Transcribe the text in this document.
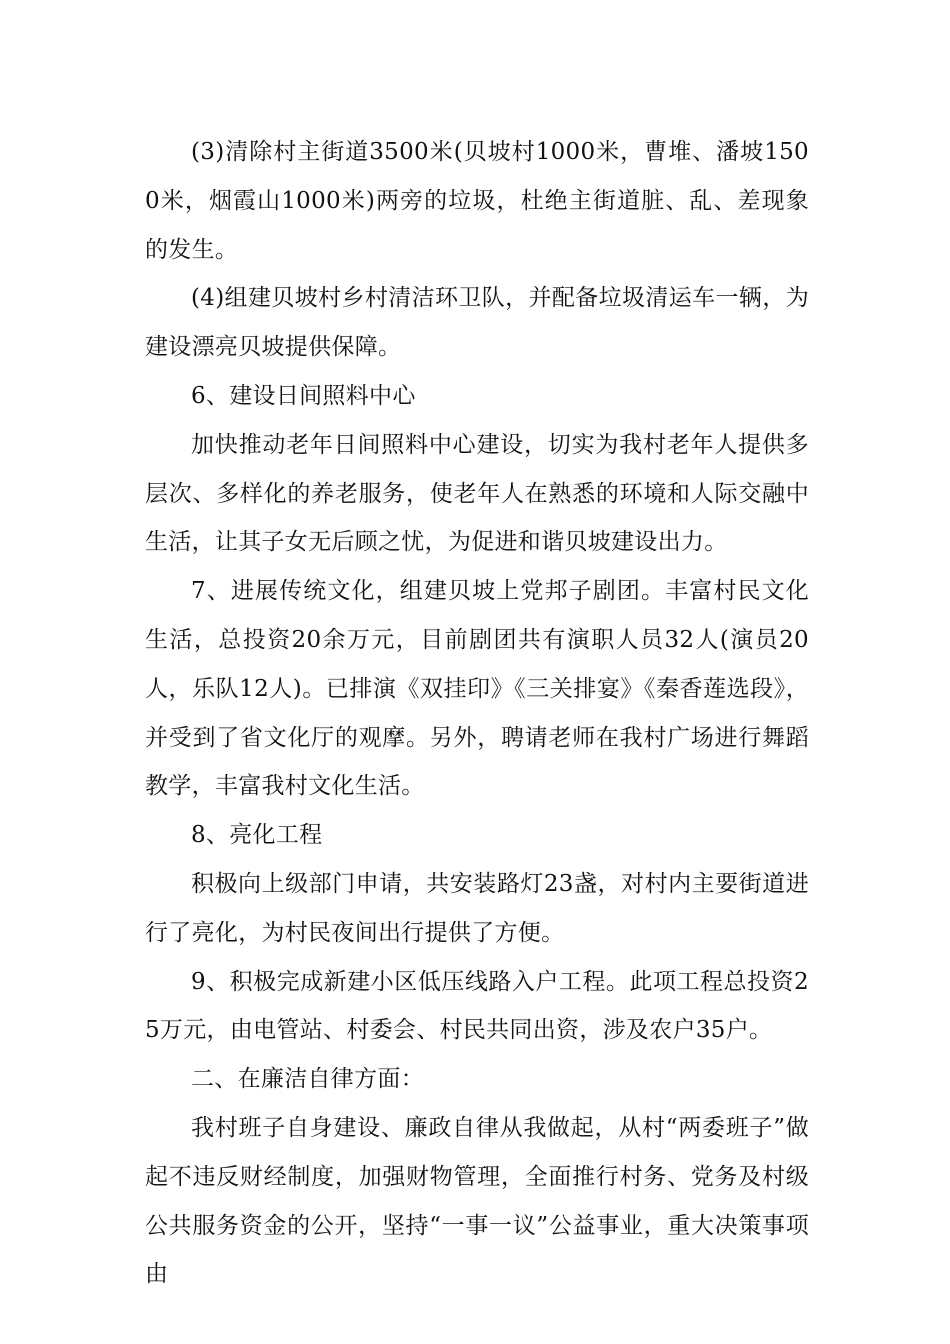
(3)清除村主街道3500米(贝坡村1000米，曹堆、潘坡1500米，烟霞山1000米)两旁的垃圾，杜绝主街道脏、乱、差现象的发生。

(4)组建贝坡村乡村清洁环卫队，并配备垃圾清运车一辆，为建设漂亮贝坡提供保障。

6、建设日间照料中心

加快推动老年日间照料中心建设，切实为我村老年人提供多层次、多样化的养老服务，使老年人在熟悉的环境和人际交融中生活，让其子女无后顾之忧，为促进和谐贝坡建设出力。

7、进展传统文化，组建贝坡上党邦子剧团。丰富村民文化生活，总投资20余万元，目前剧团共有演职人员32人(演员20人，乐队12人)。已排演《双挂印》《三关排宴》《秦香莲选段》，并受到了省文化厅的观摩。另外，聘请老师在我村广场进行舞蹈教学，丰富我村文化生活。

8、亮化工程

积极向上级部门申请，共安装路灯23盏，对村内主要街道进行了亮化，为村民夜间出行提供了方便。

9、积极完成新建小区低压线路入户工程。此项工程总投资25万元，由电管站、村委会、村民共同出资，涉及农户35户。

二、在廉洁自律方面：

我村班子自身建设、廉政自律从我做起，从村“两委班子”做起不违反财经制度，加强财物管理，全面推行村务、党务及村级公共服务资金的公开，坚持“一事一议”公益事业，重大决策事项由
